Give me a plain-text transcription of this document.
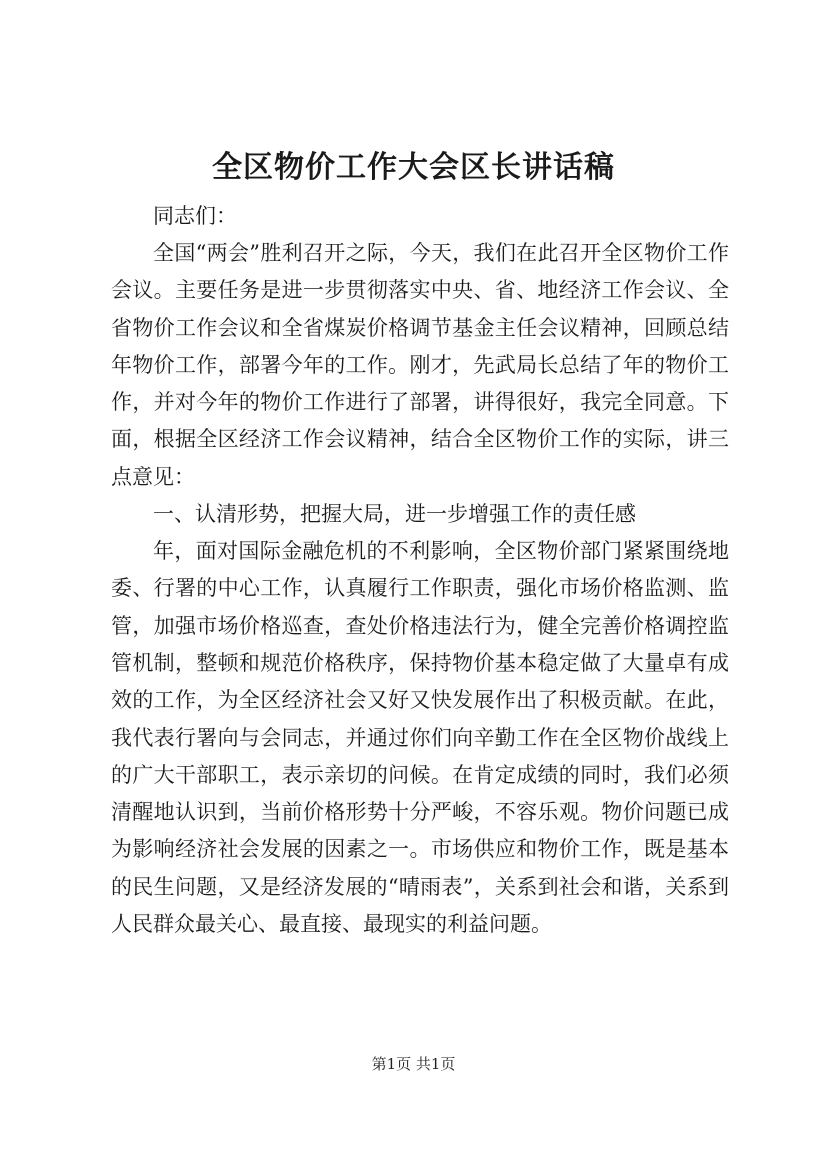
全区物价工作大会区长讲话稿

同志们：

全国“两会”胜利召开之际，今天，我们在此召开全区物价工作会议。主要任务是进一步贯彻落实中央、省、地经济工作会议、全省物价工作会议和全省煤炭价格调节基金主任会议精神，回顾总结年物价工作，部署今年的工作。刚才，先武局长总结了年的物价工作，并对今年的物价工作进行了部署，讲得很好，我完全同意。下面，根据全区经济工作会议精神，结合全区物价工作的实际，讲三点意见：

一、认清形势，把握大局，进一步增强工作的责任感

年，面对国际金融危机的不利影响，全区物价部门紧紧围绕地委、行署的中心工作，认真履行工作职责，强化市场价格监测、监管，加强市场价格巡查，查处价格违法行为，健全完善价格调控监管机制，整顿和规范价格秩序，保持物价基本稳定做了大量卓有成效的工作，为全区经济社会又好又快发展作出了积极贡献。在此，我代表行署向与会同志，并通过你们向辛勤工作在全区物价战线上的广大干部职工，表示亲切的问候。在肯定成绩的同时，我们必须清醒地认识到，当前价格形势十分严峻，不容乐观。物价问题已成为影响经济社会发展的因素之一。市场供应和物价工作，既是基本的民生问题，又是经济发展的“晴雨表”，关系到社会和谐，关系到人民群众最关心、最直接、最现实的利益问题。

第1页 共1页
